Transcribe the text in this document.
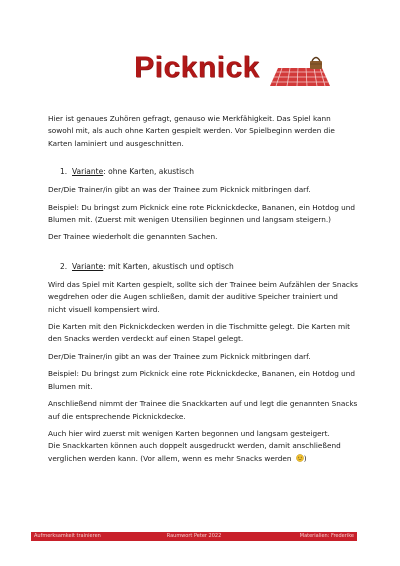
Picknick

Hier ist genaues Zuhören gefragt, genauso wie Merkfähigkeit. Das Spiel kann sowohl mit, als auch ohne Karten gespielt werden. Vor Spielbeginn werden die Karten laminiert und ausgeschnitten.

1. Variante: ohne Karten, akustisch

Der/Die Trainer/in gibt an was der Trainee zum Picknick mitbringen darf.

Beispiel: Du bringst zum Picknick eine rote Picknickdecke, Bananen, ein Hotdog und Blumen mit. (Zuerst mit wenigen Utensilien beginnen und langsam steigern.)

Der Trainee wiederholt die genannten Sachen.

2. Variante: mit Karten, akustisch und optisch

Wird das Spiel mit Karten gespielt, sollte sich der Trainee beim Aufzählen der Snacks wegdrehen oder die Augen schließen, damit der auditive Speicher trainiert und nicht visuell kompensiert wird.

Die Karten mit den Picknickdecken werden in die Tischmitte gelegt. Die Karten mit den Snacks werden verdeckt auf einen Stapel gelegt.

Der/Die Trainer/in gibt an was der Trainee zum Picknick mitbringen darf.

Beispiel: Du bringst zum Picknick eine rote Picknickdecke, Bananen, ein Hotdog und Blumen mit.

Anschließend nimmt der Trainee die Snackkarten auf und legt die genannten Snacks auf die entsprechende Picknickdecke.

Auch hier wird zuerst mit wenigen Karten begonnen und langsam gesteigert.
Die Snackkarten können auch doppelt ausgedruckt werden, damit anschließend verglichen werden kann. (Vor allem, wenn es mehr Snacks werden )

Aufmerksamkeit trainieren	Raumwort Peter 2022	Materialien: Frederike
